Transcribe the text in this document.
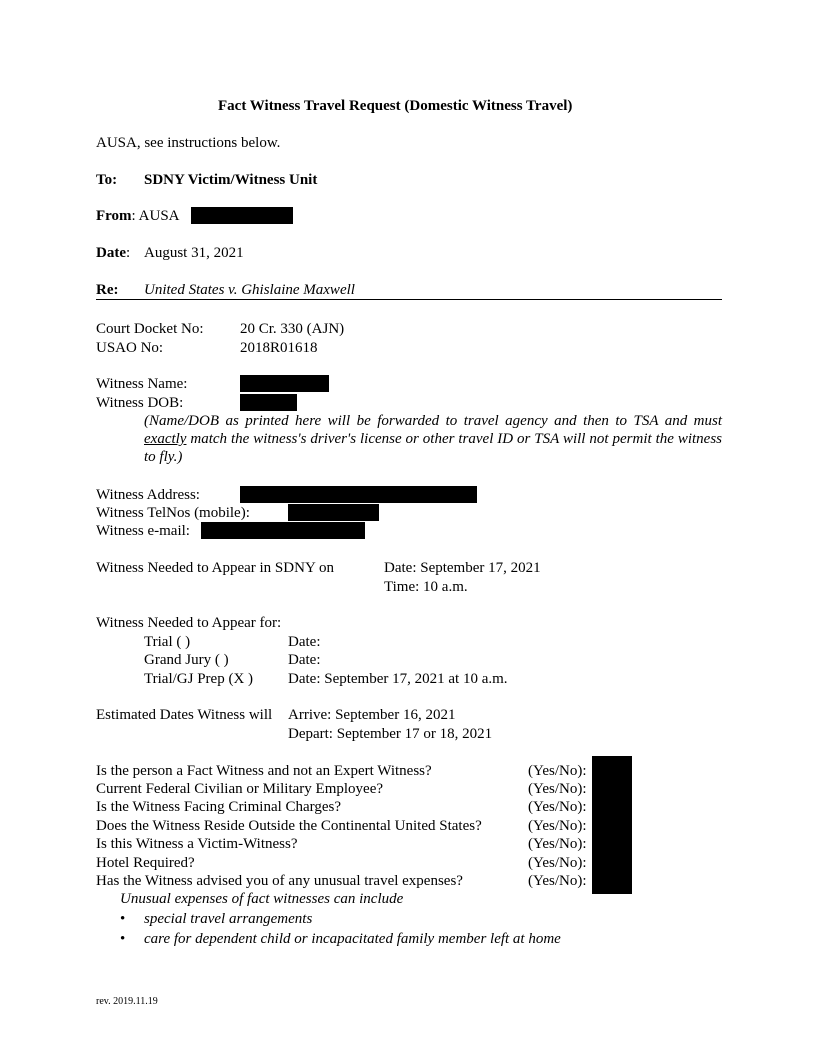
Fact Witness Travel Request (Domestic Witness Travel)
AUSA, see instructions below.
To: SDNY Victim/Witness Unit
From: AUSA
Date: August 31, 2021
Re: United States v. Ghislaine Maxwell
Court Docket No: 20 Cr. 330 (AJN)
USAO No:	2018R01618
Witness Name:
Witness DOB:
(Name/DOB as printed here will be forwarded to travel agency and then to TSA and must exactly match the witness's driver's license or other travel ID or TSA will not permit the witness to fly.)
Witness Address:
Witness TelNos (mobile):
Witness e-mail:
Witness Needed to Appear in SDNY on	Date: September 17, 2021
Time: 10 a.m.
Witness Needed to Appear for:
Trial ( )	Date:
Grand Jury ( )	Date:
Trial/GJ Prep (X ) Date: September 17, 2021 at 10 a.m.
Estimated Dates Witness will Arrive: September 16, 2021
Depart: September 17 or 18, 2021
Is the person a Fact Witness and not an Expert Witness?	(Yes/No):
Current Federal Civilian or Military Employee?	(Yes/No):
Is the Witness Facing Criminal Charges?	(Yes/No):
Does the Witness Reside Outside the Continental United States?	(Yes/No):
Is this Witness a Victim-Witness?	(Yes/No):
Hotel Required?	(Yes/No):
Has the Witness advised you of any unusual travel expenses?	(Yes/No):
Unusual expenses of fact witnesses can include
• special travel arrangements
• care for dependent child or incapacitated family member left at home
rev. 2019.11.19
